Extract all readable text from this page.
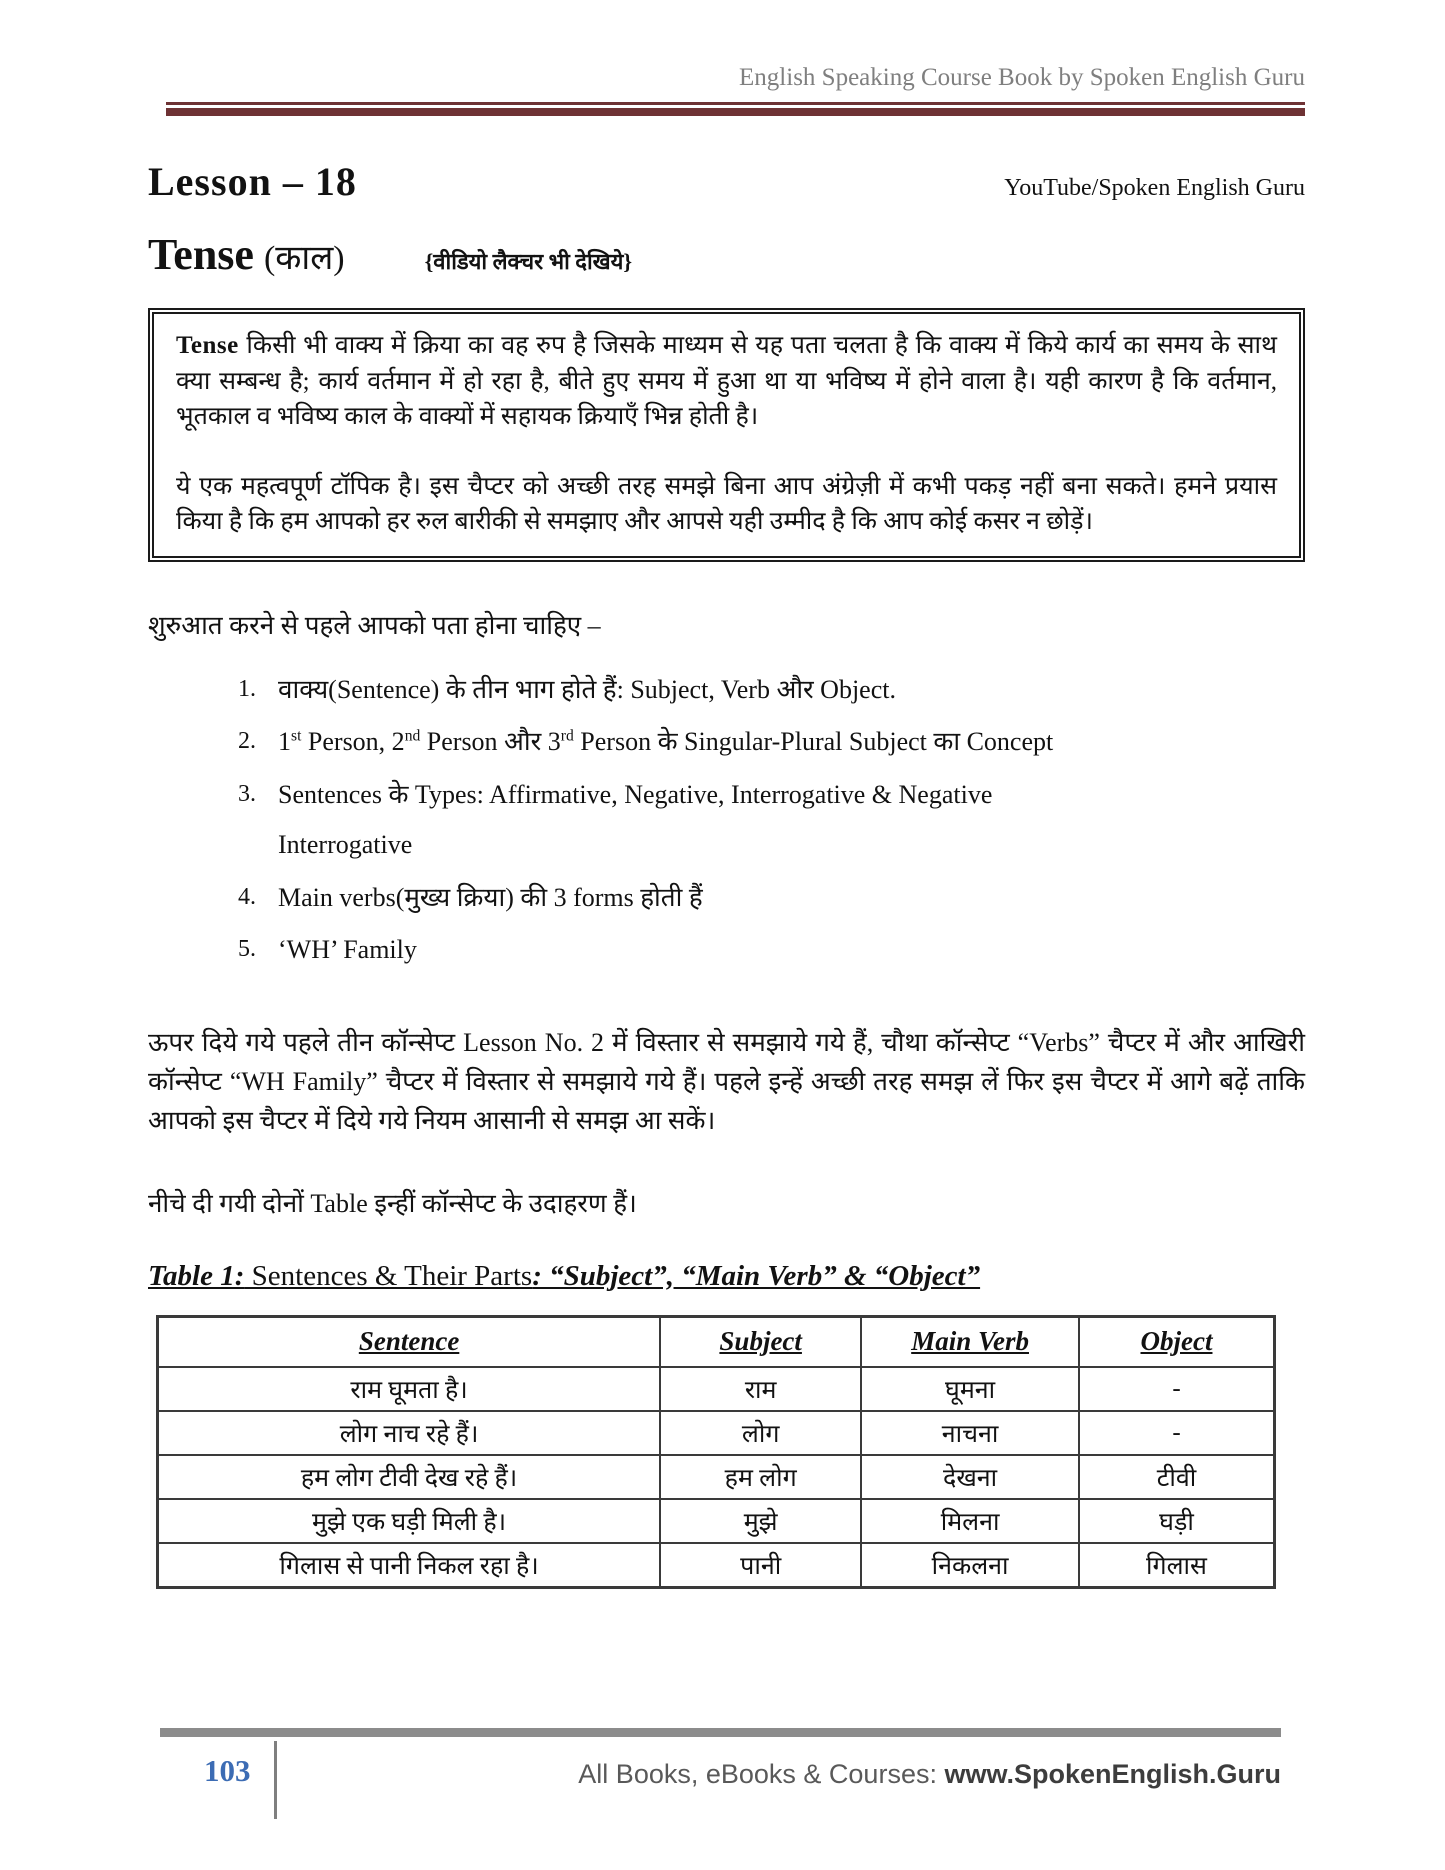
English Speaking Course Book by Spoken English Guru
Lesson – 18	YouTube/Spoken English Guru
Tense (काल)	{वीडियो लैक्चर भी देखिये}

Tense किसी भी वाक्य में क्रिया का वह रुप है जिसके माध्यम से यह पता चलता है कि वाक्य में किये कार्य का समय के साथ क्या सम्बन्ध है; कार्य वर्तमान में हो रहा है, बीते हुए समय में हुआ था या भविष्य में होने वाला है। यही कारण है कि वर्तमान, भूतकाल व भविष्य काल के वाक्यों में सहायक क्रियाएँ भिन्न होती है।

ये एक महत्वपूर्ण टॉपिक है। इस चैप्टर को अच्छी तरह समझे बिना आप अंग्रेज़ी में कभी पकड़ नहीं बना सकते। हमने प्रयास किया है कि हम आपको हर रुल बारीकी से समझाए और आपसे यही उम्मीद है कि आप कोई कसर न छोड़ें।

शुरुआत करने से पहले आपको पता होना चाहिए –
1. वाक्य(Sentence) के तीन भाग होते हैं: Subject, Verb और Object.
2. 1st Person, 2nd Person और 3rd Person के Singular-Plural Subject का Concept
3. Sentences के Types: Affirmative, Negative, Interrogative & Negative
Interrogative
4. Main verbs(मुख्य क्रिया) की 3 forms होती हैं
5. ‘WH’ Family
ऊपर दिये गये पहले तीन कॉन्सेप्ट Lesson No. 2 में विस्तार से समझाये गये हैं, चौथा कॉन्सेप्ट “Verbs” चैप्टर में और आखिरी कॉन्सेप्ट “WH Family” चैप्टर में विस्तार से समझाये गये हैं। पहले इन्हें अच्छी तरह समझ लें फिर इस चैप्टर में आगे बढ़ें ताकि आपको इस चैप्टर में दिये गये नियम आसानी से समझ आ सकें।
नीचे दी गयी दोनों Table इन्हीं कॉन्सेप्ट के उदाहरण हैं।
Table 1: Sentences & Their Parts: “Subject”, “Main Verb” & “Object”
Sentence	Subject	Main Verb	Object
राम घूमता है।	राम	घूमना	-
लोग नाच रहे हैं।	लोग	नाचना	-
हम लोग टीवी देख रहे हैं।	हम लोग	देखना	टीवी
मुझे एक घड़ी मिली है।	मुझे	मिलना	घड़ी
गिलास से पानी निकल रहा है।	पानी	निकलना	गिलास
103	All Books, eBooks & Courses: www.SpokenEnglish.Guru
